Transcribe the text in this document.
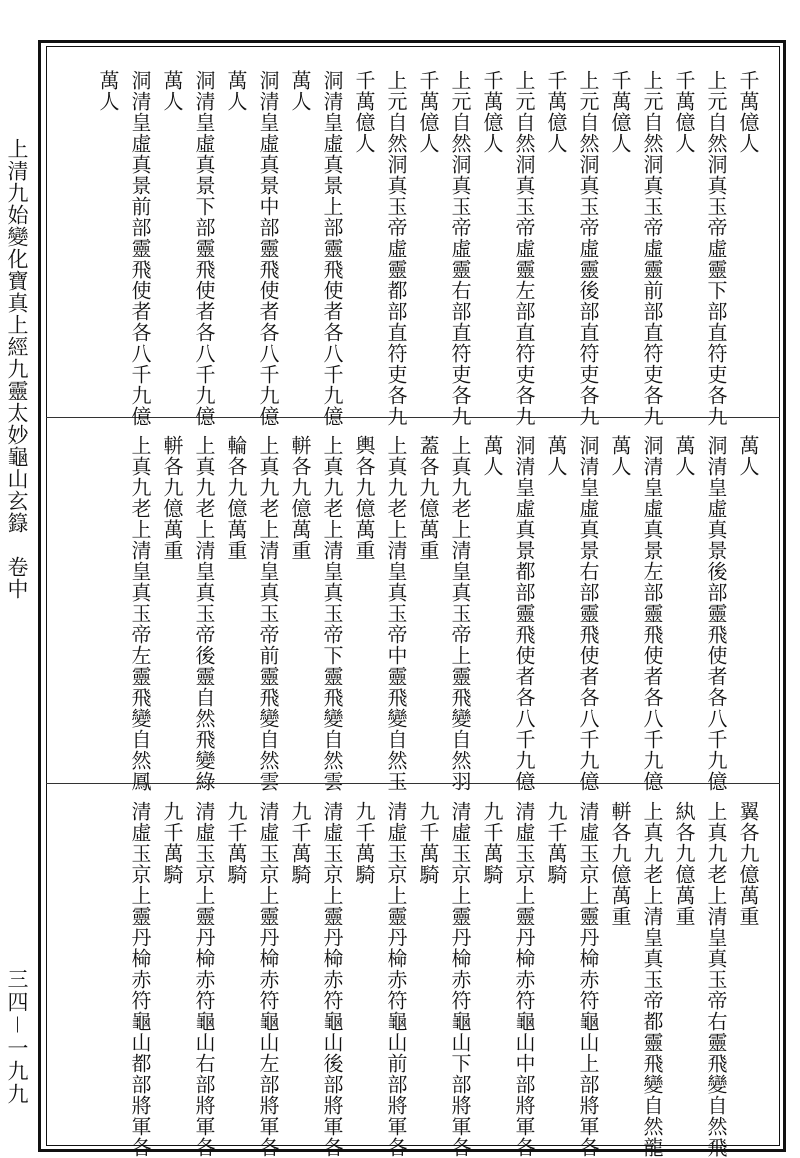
上清九始變化寶真上經九靈太妙龜山玄籙　卷中
三四－一九九
千萬億人
上元自然洞真玉帝虛靈下部直符吏各九
千萬億人
上元自然洞真玉帝虛靈前部直符吏各九
千萬億人
上元自然洞真玉帝虛靈後部直符吏各九
千萬億人
上元自然洞真玉帝虛靈左部直符吏各九
千萬億人
上元自然洞真玉帝虛靈右部直符吏各九
千萬億人
上元自然洞真玉帝虛靈都部直符吏各九
千萬億人
洞清皇虛真景上部靈飛使者各八千九億
萬人
洞清皇虛真景中部靈飛使者各八千九億
萬人
洞清皇虛真景下部靈飛使者各八千九億
萬人
洞清皇虛真景前部靈飛使者各八千九億
萬人
萬人
洞清皇虛真景後部靈飛使者各八千九億
萬人
洞清皇虛真景左部靈飛使者各八千九億
萬人
洞清皇虛真景右部靈飛使者各八千九億
萬人
洞清皇虛真景都部靈飛使者各八千九億
萬人
上真九老上清皇真玉帝上靈飛變自然羽
蓋各九億萬重
上真九老上清皇真玉帝中靈飛變自然玉
輿各九億萬重
上真九老上清皇真玉帝下靈飛變自然雲
軿各九億萬重
上真九老上清皇真玉帝前靈飛變自然雲
輪各九億萬重
上真九老上清皇真玉帝後靈自然飛變綠
軿各九億萬重
上真九老上清皇真玉帝左靈飛變自然鳳
翼各九億萬重
上真九老上清皇真玉帝右靈飛變自然飛
紈各九億萬重
上真九老上清皇真玉帝都靈飛變自然龍
軿各九億萬重
清虛玉京上靈丹椧赤符龜山上部將軍各
九千萬騎
清虛玉京上靈丹椧赤符龜山中部將軍各
九千萬騎
清虛玉京上靈丹椧赤符龜山下部將軍各
九千萬騎
清虛玉京上靈丹椧赤符龜山前部將軍各
九千萬騎
清虛玉京上靈丹椧赤符龜山後部將軍各
九千萬騎
清虛玉京上靈丹椧赤符龜山左部將軍各
九千萬騎
清虛玉京上靈丹椧赤符龜山右部將軍各
九千萬騎
清虛玉京上靈丹椧赤符龜山都部將軍各
